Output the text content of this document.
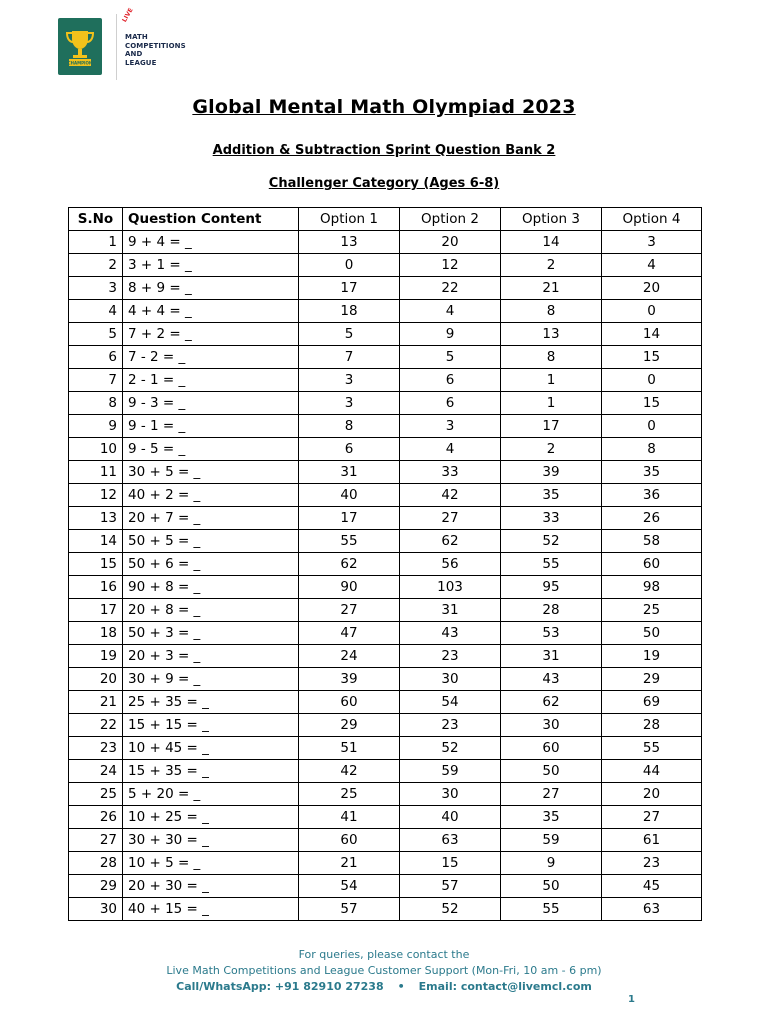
CHAMPION
LIVE
MATH
COMPETITIONS
AND
LEAGUE
Global Mental Math Olympiad 2023
Addition & Subtraction Sprint Question Bank 2
Challenger Category (Ages 6-8)
S.No	Question Content	Option 1	Option 2	Option 3	Option 4
1	9 + 4 = _	13	20	14	3
2	3 + 1 = _	0	12	2	4
3	8 + 9 = _	17	22	21	20
4	4 + 4 = _	18	4	8	0
5	7 + 2 = _	5	9	13	14
6	7 - 2 = _	7	5	8	15
7	2 - 1 = _	3	6	1	0
8	9 - 3 = _	3	6	1	15
9	9 - 1 = _	8	3	17	0
10	9 - 5 = _	6	4	2	8
11	30 + 5 = _	31	33	39	35
12	40 + 2 = _	40	42	35	36
13	20 + 7 = _	17	27	33	26
14	50 + 5 = _	55	62	52	58
15	50 + 6 = _	62	56	55	60
16	90 + 8 = _	90	103	95	98
17	20 + 8 = _	27	31	28	25
18	50 + 3 = _	47	43	53	50
19	20 + 3 = _	24	23	31	19
20	30 + 9 = _	39	30	43	29
21	25 + 35 = _	60	54	62	69
22	15 + 15 = _	29	23	30	28
23	10 + 45 = _	51	52	60	55
24	15 + 35 = _	42	59	50	44
25	5 + 20 = _	25	30	27	20
26	10 + 25 = _	41	40	35	27
27	30 + 30 = _	60	63	59	61
28	10 + 5 = _	21	15	9	23
29	20 + 30 = _	54	57	50	45
30	40 + 15 = _	57	52	55	63
For queries, please contact the
Live Math Competitions and League Customer Support (Mon-Fri, 10 am - 6 pm)
Call/WhatsApp: +91 82910 27238 • Email: contact@livemcl.com
1
